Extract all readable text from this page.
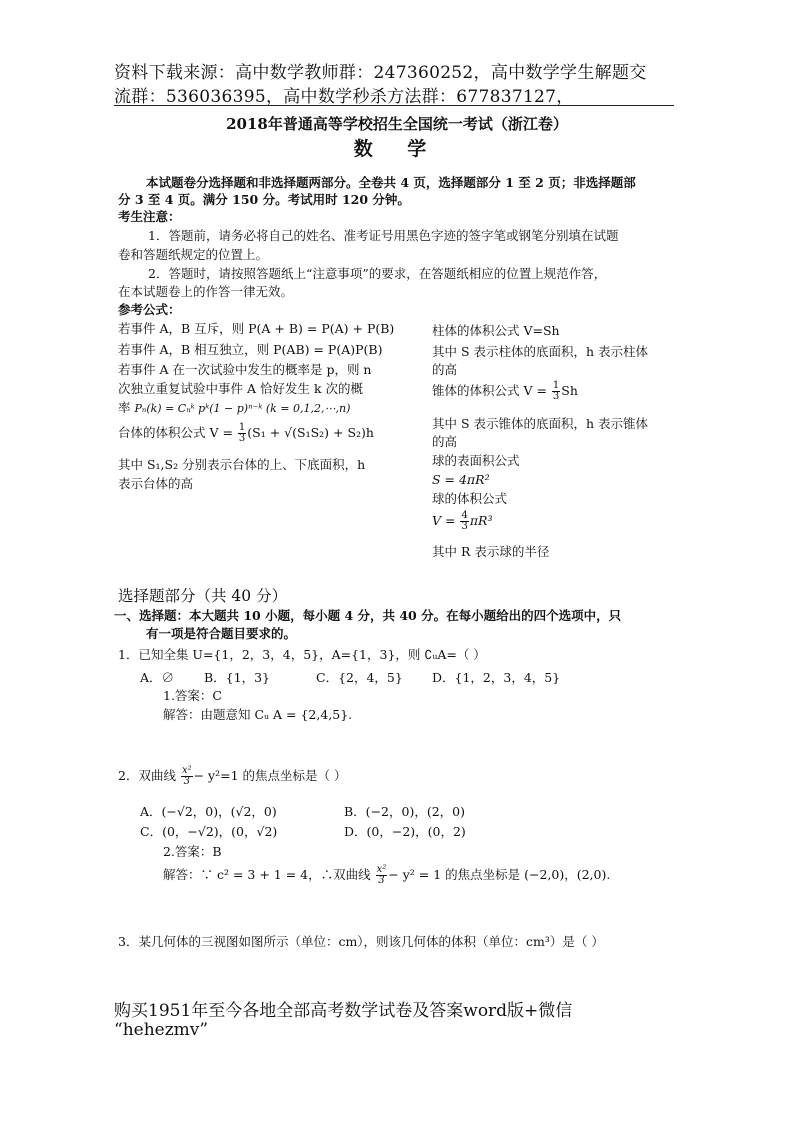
资料下载来源：高中数学教师群：247360252，高中数学学生解题交
流群：536036395，高中数学秒杀方法群：677837127，
2018年普通高等学校招生全国统一考试（浙江卷）
数 学
本试题卷分选择题和非选择题两部分。全卷共 4 页，选择题部分 1 至 2 页；非选择题部
分 3 至 4 页。满分 150 分。考试用时 120 分钟。
考生注意：
1．答题前，请务必将自己的姓名、准考证号用黑色字迹的签字笔或钢笔分别填在试题
卷和答题纸规定的位置上。
2．答题时，请按照答题纸上“注意事项”的要求，在答题纸相应的位置上规范作答，
在本试题卷上的作答一律无效。
参考公式：
若事件 A，B 互斥，则 P(A + B) = P(A) + P(B)
若事件 A，B 相互独立，则 P(AB) = P(A)P(B)
若事件 A 在一次试验中发生的概率是 p，则 n
次独立重复试验中事件 A 恰好发生 k 次的概
率 Pₙ(k) = Cₙᵏ pᵏ(1 − p)ⁿ⁻ᵏ (k = 0,1,2,⋯,n)
台体的体积公式 $V = \frac{1}{3} (S_1 + √(S_1S_2) + S_2)h$
其中 S₁,S₂ 分别表示台体的上、下底面积，h
表示台体的高
柱体的体积公式 V=Sh
其中 S 表示柱体的底面积，h 表示柱体
的高
锥体的体积公式 $V = \frac{1}{3}$ Sh
其中 S 表示锥体的底面积，h 表示锥体
的高
球的表面积公式
S = 4πR²
球的体积公式
$V = \frac{4}{3} \pi R^3$
其中 R 表示球的半径
选择题部分（共 40 分）
一、选择题：本大题共 10 小题，每小题 4 分，共 40 分。在每小题给出的四个选项中，只
有一项是符合题目要求的。
1．已知全集 U={1，2，3，4，5}，A={1，3}，则 ∁ᵤA=（ ）
A．∅ B．{1，3}	C．{2，4，5} D．{1，2，3，4，5}
1.答案：C
解答：由题意知 Cᵤ A = {2,4,5}.
2．双曲线 $\frac{\text{x²}}{3} - y^2=1$ 的焦点坐标是（ ）
A．(−√2，0)，(√2，0)	B．(−2，0)，(2，0)
C．(0，−√2)，(0，√2)	D．(0，−2)，(0，2)
2.答案：B
解答：∵ c² = 3 + 1 = 4，∴双曲线 $\frac{\text{x²}}{3} - y^2 = 1$ 的焦点坐标是 (−2,0)，(2,0).
3．某几何体的三视图如图所示（单位：cm），则该几何体的体积（单位：cm³）是（ ）
购买1951年至今各地全部高考数学试卷及答案word版+微信
“hehezmv”
